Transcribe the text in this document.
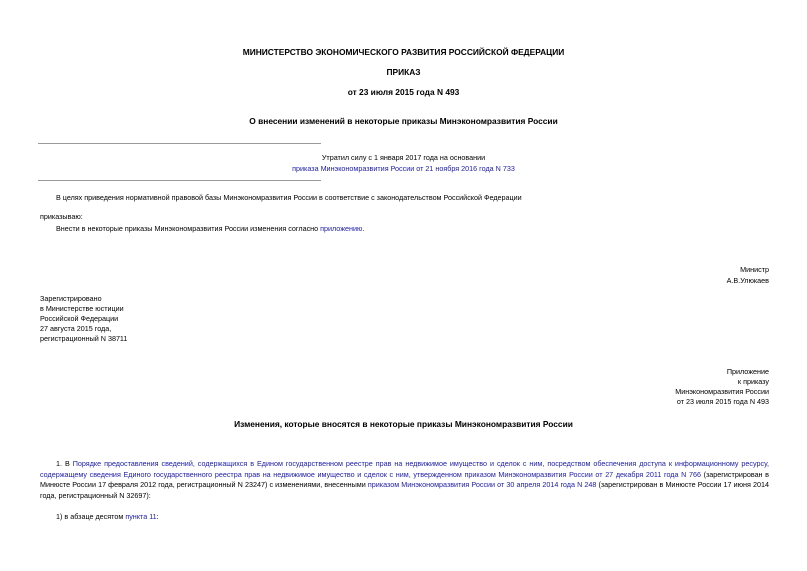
МИНИСТЕРСТВО ЭКОНОМИЧЕСКОГО РАЗВИТИЯ РОССИЙСКОЙ ФЕДЕРАЦИИ
ПРИКАЗ
от 23 июля 2015 года N 493
О внесении изменений в некоторые приказы Минэкономразвития России
Утратил силу с 1 января 2017 года на основании
приказа Минэкономразвития России от 21 ноября 2016 года N 733
В целях приведения нормативной правовой базы Минэкономразвития России в соответствие с законодательством Российской Федерации
приказываю:
Внести в некоторые приказы Минэкономразвития России изменения согласно приложению.
Министр
А.В.Улюкаев
Зарегистрировано
в Министерстве юстиции
Российской Федерации
27 августа 2015 года,
регистрационный N 38711
Приложение
к приказу
Минэкономразвития России
от 23 июля 2015 года N 493
Изменения, которые вносятся в некоторые приказы Минэкономразвития России
1. В Порядке предоставления сведений, содержащихся в Едином государственном реестре прав на недвижимое имущество и сделок с ним, посредством обеспечения доступа к информационному ресурсу, содержащему сведения Единого государственного реестра прав на недвижимое имущество и сделок с ним, утвержденном приказом Минэкономразвития России от 27 декабря 2011 года N 766 (зарегистрирован в Минюсте России 17 февраля 2012 года, регистрационный N 23247) с изменениями, внесенными приказом Минэкономразвития России от 30 апреля 2014 года N 248 (зарегистрирован в Минюсте России 17 июня 2014 года, регистрационный N 32697):
1) в абзаце десятом пункта 11:
